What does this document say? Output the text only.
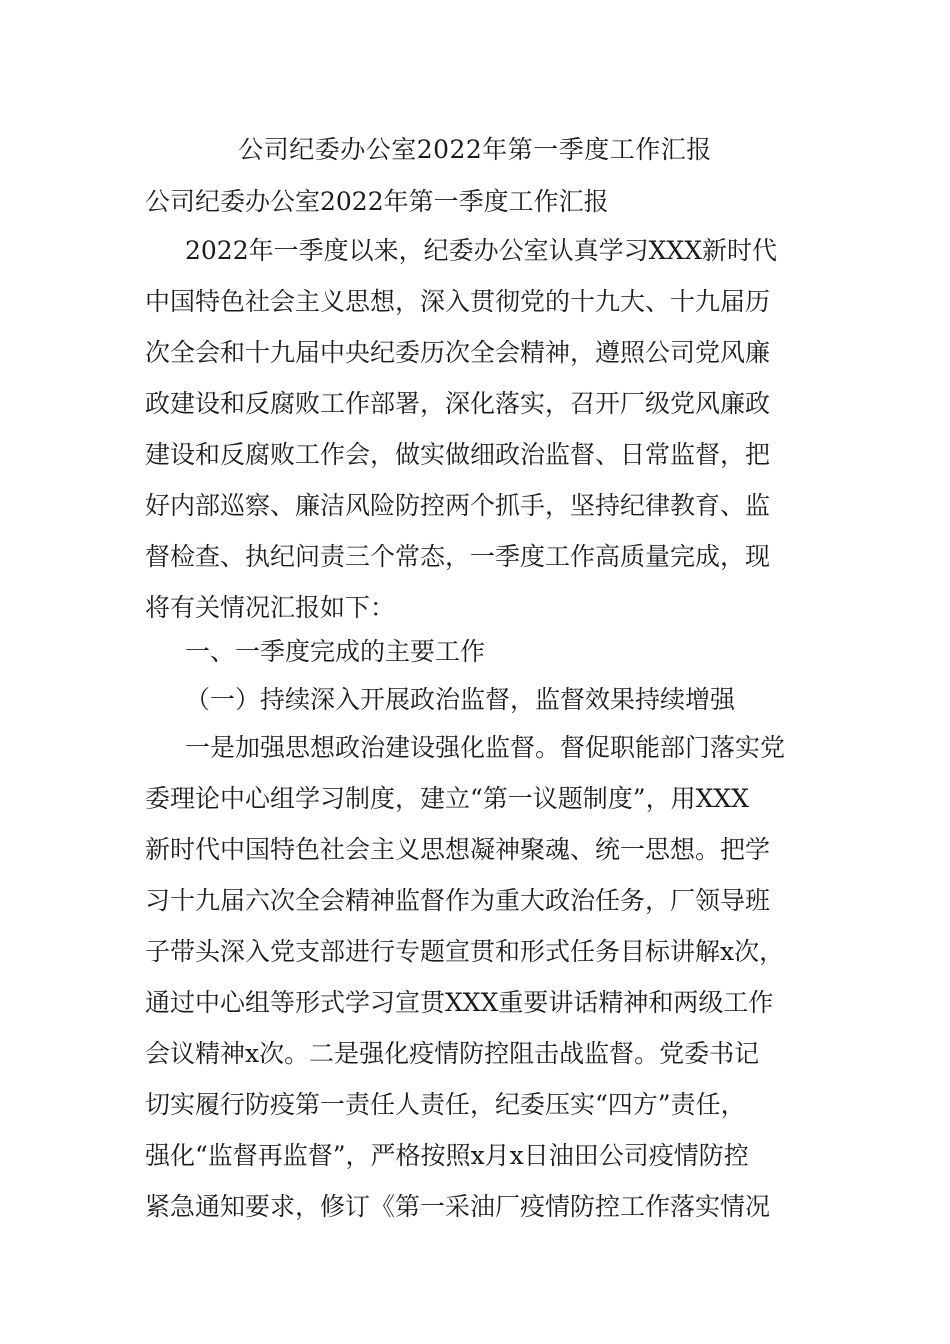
公司纪委办公室2022年第一季度工作汇报
公司纪委办公室2022年第一季度工作汇报
2022年一季度以来，纪委办公室认真学习XXX新时代
中国特色社会主义思想，深入贯彻党的十九大、十九届历
次全会和十九届中央纪委历次全会精神，遵照公司党风廉
政建设和反腐败工作部署，深化落实，召开厂级党风廉政
建设和反腐败工作会，做实做细政治监督、日常监督，把
好内部巡察、廉洁风险防控两个抓手，坚持纪律教育、监
督检查、执纪问责三个常态，一季度工作高质量完成，现
将有关情况汇报如下：
一、一季度完成的主要工作
（一）持续深入开展政治监督，监督效果持续增强
一是加强思想政治建设强化监督。督促职能部门落实党
委理论中心组学习制度，建立“第一议题制度”，用XXX
新时代中国特色社会主义思想凝神聚魂、统一思想。把学
习十九届六次全会精神监督作为重大政治任务，厂领导班
子带头深入党支部进行专题宣贯和形式任务目标讲解x次，
通过中心组等形式学习宣贯XXX重要讲话精神和两级工作
会议精神x次。二是强化疫情防控阻击战监督。党委书记
切实履行防疫第一责任人责任，纪委压实“四方”责任，
强化“监督再监督”，严格按照x月x日油田公司疫情防控
紧急通知要求，修订《第一采油厂疫情防控工作落实情况
